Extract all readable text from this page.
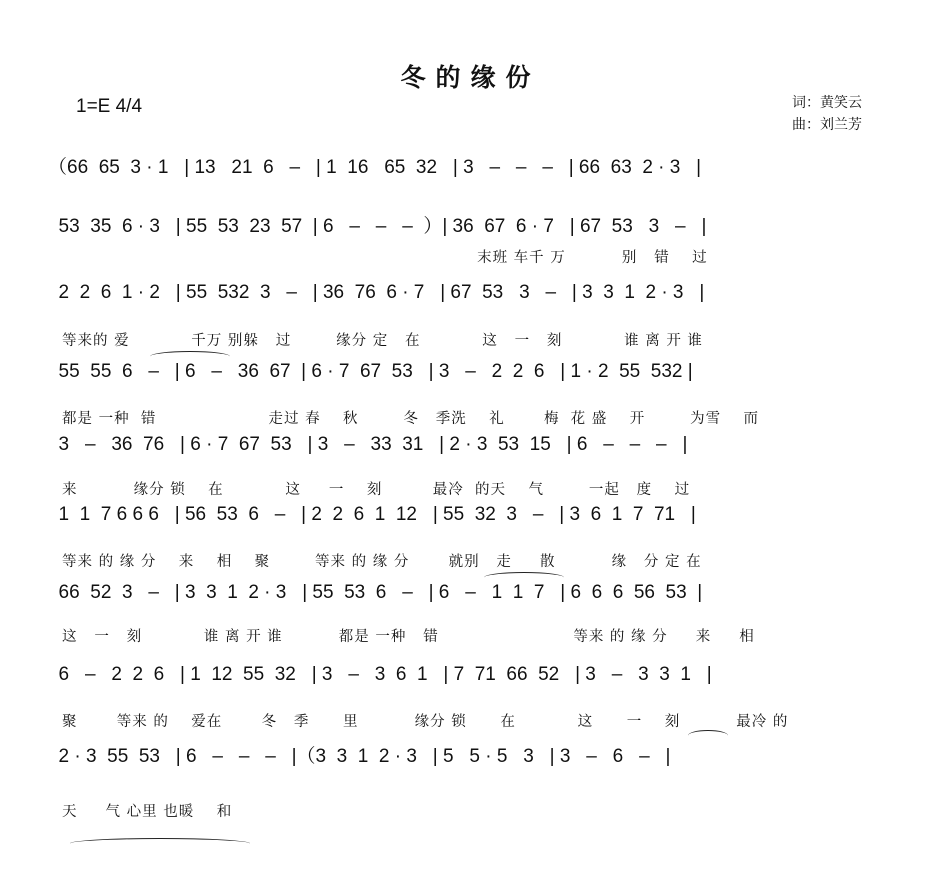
冬的缘份
1=E 4/4	词：黄笑云
曲：刘兰芳
（66  65  3 · 1   | 13   21  6   –   | 1  16   65  32   | 3   –   –   –   | 66  63  2 · 3   |
53  35  6 · 3   | 55  53  23  57  | 6   –   –   –  ）| 36  67  6 · 7   | 67  53   3   –   |
末班 车千 万          别   错    过
2  2  6  1 · 2   | 55  532  3   –   | 36  76  6 · 7   | 67  53   3   –   | 3  3  1  2 · 3   |
等来的 爱           千万 别躲   过        缘分 定   在           这   一   刻           谁 离 开 谁
55  55  6   –   | 6   –   36  67  | 6 · 7  67  53   | 3   –   2  2  6   | 1 · 2  55  532 |
都是 一种  错                    走过 春    秋        冬   季洗    礼       梅  花 盛    开        为雪    而
3   –   36  76   | 6 · 7  67  53   | 3   –   33  31   | 2 · 3  53  15   | 6   –   –   –   |
来          缘分 锁    在           这     一    刻         最冷  的天    气        一起   度    过
1  1  7 6 6 6   | 56  53  6   –   | 2  2  6  1  12   | 55  32  3   –   | 3  6  1  7  71   |
等来 的 缘 分    来    相    聚        等来 的 缘 分       就别   走     散          缘   分 定 在
66  52  3   –   | 3  3  1  2 · 3   | 55  53  6   –   | 6   –   1  1  7   | 6  6  6  56  53  |
这   一   刻           谁 离 开 谁          都是 一种   错                        等来 的 缘 分     来     相
6   –   2  2  6   | 1  12  55  32   | 3   –   3  6  1   | 7  71  66  52   | 3   –   3  3  1   |
聚       等来 的    爱在       冬   季      里          缘分 锁      在           这      一    刻          最冷 的
2 · 3  55  53   | 6   –   –   –   |（3  3  1  2 · 3   | 5   5 · 5   3   | 3   –   6   –   |
天     气 心里 也暖    和
